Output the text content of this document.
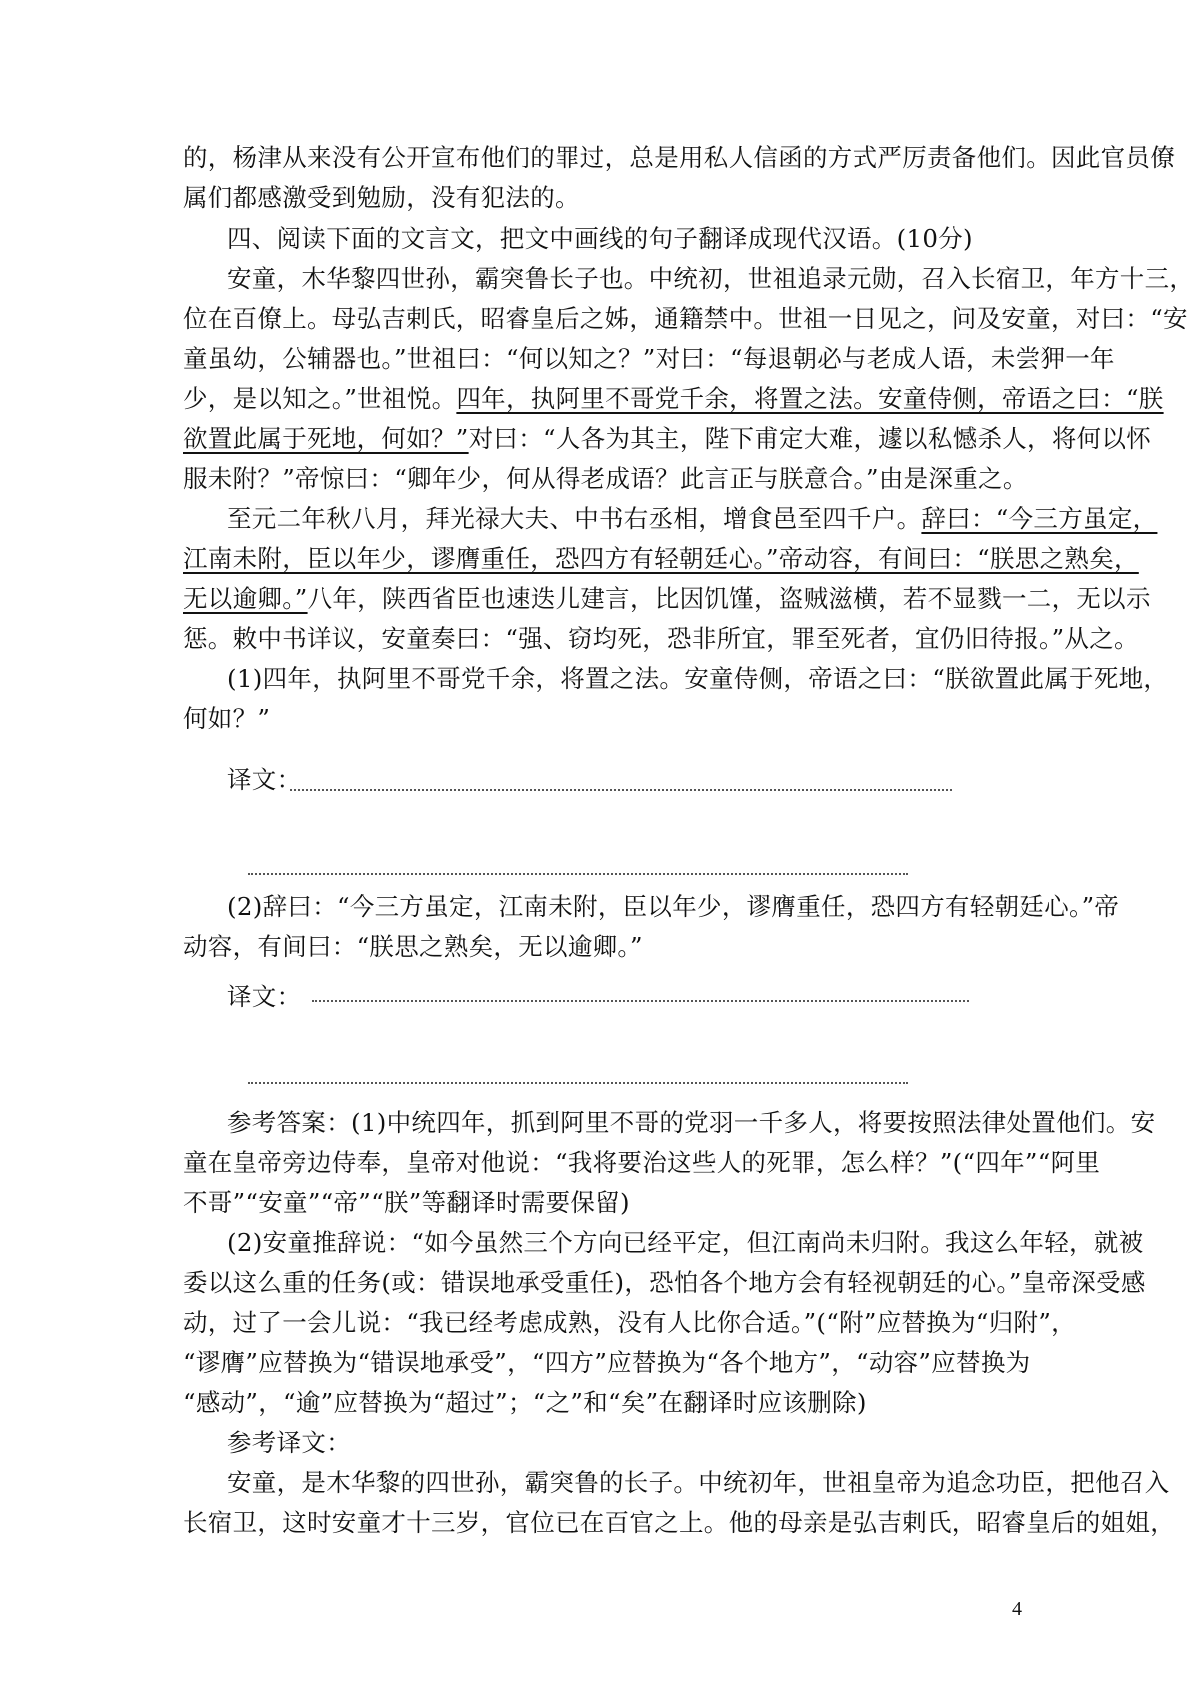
的，杨津从来没有公开宣布他们的罪过，总是用私人信函的方式严厉责备他们。因此官员僚
属们都感激受到勉励，没有犯法的。
四、阅读下面的文言文，把文中画线的句子翻译成现代汉语。(10分)
安童，木华黎四世孙，霸突鲁长子也。中统初，世祖追录元勋，召入长宿卫，年方十三，
位在百僚上。母弘吉剌氏，昭睿皇后之姊，通籍禁中。世祖一日见之，问及安童，对曰：“安
童虽幼，公辅器也。”世祖曰：“何以知之？”对曰：“每退朝必与老成人语，未尝狎一年
少，是以知之。”世祖悦。四年，执阿里不哥党千余，将置之法。安童侍侧，帝语之曰：“朕
欲置此属于死地，何如？”对曰：“人各为其主，陛下甫定大难，遽以私憾杀人，将何以怀
服未附？”帝惊曰：“卿年少，何从得老成语？此言正与朕意合。”由是深重之。
至元二年秋八月，拜光禄大夫、中书右丞相，增食邑至四千户。辞曰：“今三方虽定，
江南未附，臣以年少，谬膺重任，恐四方有轻朝廷心。”帝动容，有间曰：“朕思之熟矣，
无以逾卿。”八年，陕西省臣也速迭儿建言，比因饥馑，盗贼滋横，若不显戮一二，无以示
惩。敕中书详议，安童奏曰：“强、窃均死，恐非所宜，罪至死者，宜仍旧待报。”从之。
(1)四年，执阿里不哥党千余，将置之法。安童侍侧，帝语之曰：“朕欲置此属于死地，
何如？”
译文：
(2)辞曰：“今三方虽定，江南未附，臣以年少，谬膺重任，恐四方有轻朝廷心。”帝
动容，有间曰：“朕思之熟矣，无以逾卿。”
译文：
参考答案：(1)中统四年，抓到阿里不哥的党羽一千多人，将要按照法律处置他们。安
童在皇帝旁边侍奉，皇帝对他说：“我将要治这些人的死罪，怎么样？”(“四年”“阿里
不哥”“安童”“帝”“朕”等翻译时需要保留)
(2)安童推辞说：“如今虽然三个方向已经平定，但江南尚未归附。我这么年轻，就被
委以这么重的任务(或：错误地承受重任)，恐怕各个地方会有轻视朝廷的心。”皇帝深受感
动，过了一会儿说：“我已经考虑成熟，没有人比你合适。”(“附”应替换为“归附”，
“谬膺”应替换为“错误地承受”，“四方”应替换为“各个地方”，“动容”应替换为
“感动”，“逾”应替换为“超过”；“之”和“矣”在翻译时应该删除)
参考译文：
安童，是木华黎的四世孙，霸突鲁的长子。中统初年，世祖皇帝为追念功臣，把他召入
长宿卫，这时安童才十三岁，官位已在百官之上。他的母亲是弘吉剌氏，昭睿皇后的姐姐，
4
